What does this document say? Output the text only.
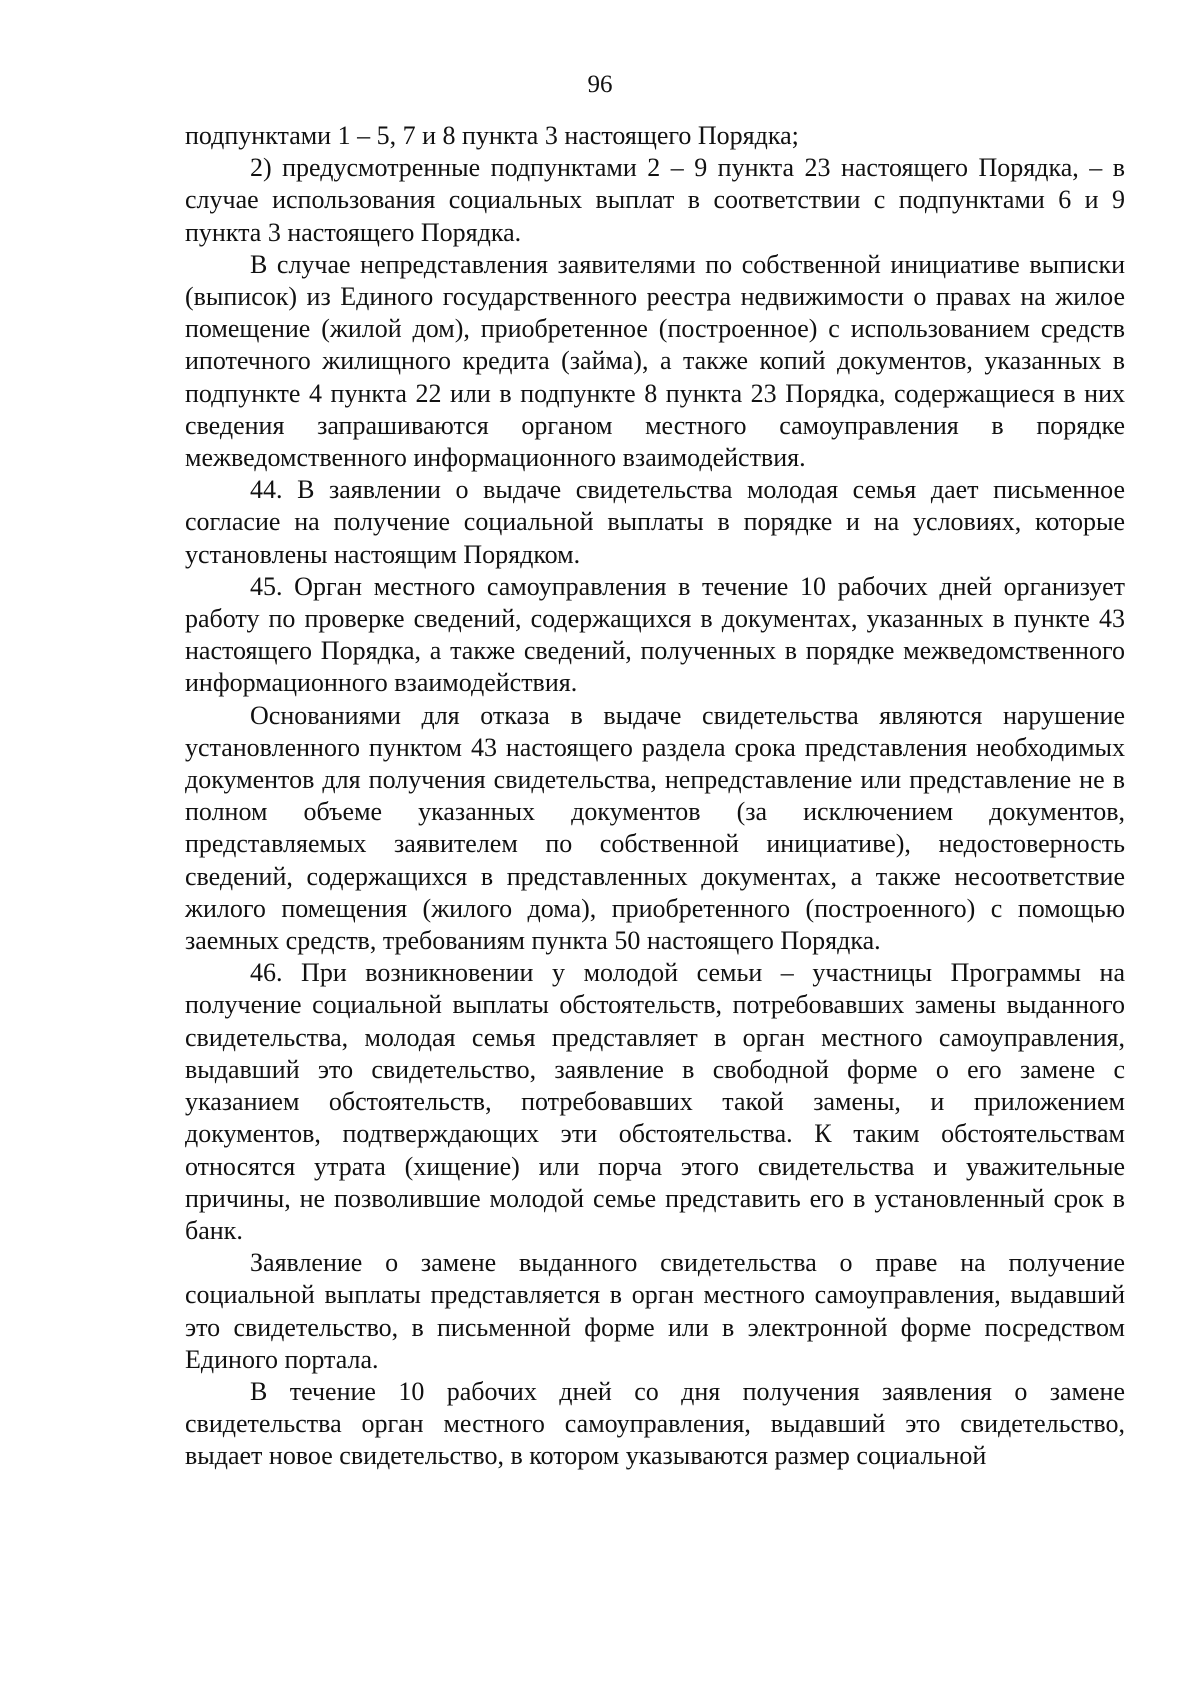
96

подпунктами 1 – 5, 7 и 8 пункта 3 настоящего Порядка;

2) предусмотренные подпунктами 2 – 9 пункта 23 настоящего Порядка, – в случае использования социальных выплат в соответствии с подпунктами 6 и 9 пункта 3 настоящего Порядка.

В случае непредставления заявителями по собственной инициативе выписки (выписок) из Единого государственного реестра недвижимости о правах на жилое помещение (жилой дом), приобретенное (построенное) с использованием средств ипотечного жилищного кредита (займа), а также копий документов, указанных в подпункте 4 пункта 22 или в подпункте 8 пункта 23 Порядка, содержащиеся в них сведения запрашиваются органом местного самоуправления в порядке межведомственного информационного взаимодействия.

44. В заявлении о выдаче свидетельства молодая семья дает письменное согласие на получение социальной выплаты в порядке и на условиях, которые установлены настоящим Порядком.

45. Орган местного самоуправления в течение 10 рабочих дней организует работу по проверке сведений, содержащихся в документах, указанных в пункте 43 настоящего Порядка, а также сведений, полученных в порядке межведомственного информационного взаимодействия.

Основаниями для отказа в выдаче свидетельства являются нарушение установленного пунктом 43 настоящего раздела срока представления необходимых документов для получения свидетельства, непредставление или представление не в полном объеме указанных документов (за исключением документов, представляемых заявителем по собственной инициативе), недостоверность сведений, содержащихся в представленных документах, а также несоответствие жилого помещения (жилого дома), приобретенного (построенного) с помощью заемных средств, требованиям пункта 50 настоящего Порядка.

46. При возникновении у молодой семьи – участницы Программы на получение социальной выплаты обстоятельств, потребовавших замены выданного свидетельства, молодая семья представляет в орган местного самоуправления, выдавший это свидетельство, заявление в свободной форме о его замене с указанием обстоятельств, потребовавших такой замены, и приложением документов, подтверждающих эти обстоятельства. К таким обстоятельствам относятся утрата (хищение) или порча этого свидетельства и уважительные причины, не позволившие молодой семье представить его в установленный срок в банк.

Заявление о замене выданного свидетельства о праве на получение социальной выплаты представляется в орган местного самоуправления, выдавший это свидетельство, в письменной форме или в электронной форме посредством Единого портала.

В течение 10 рабочих дней со дня получения заявления о замене свидетельства орган местного самоуправления, выдавший это свидетельство, выдает новое свидетельство, в котором указываются размер социальной
